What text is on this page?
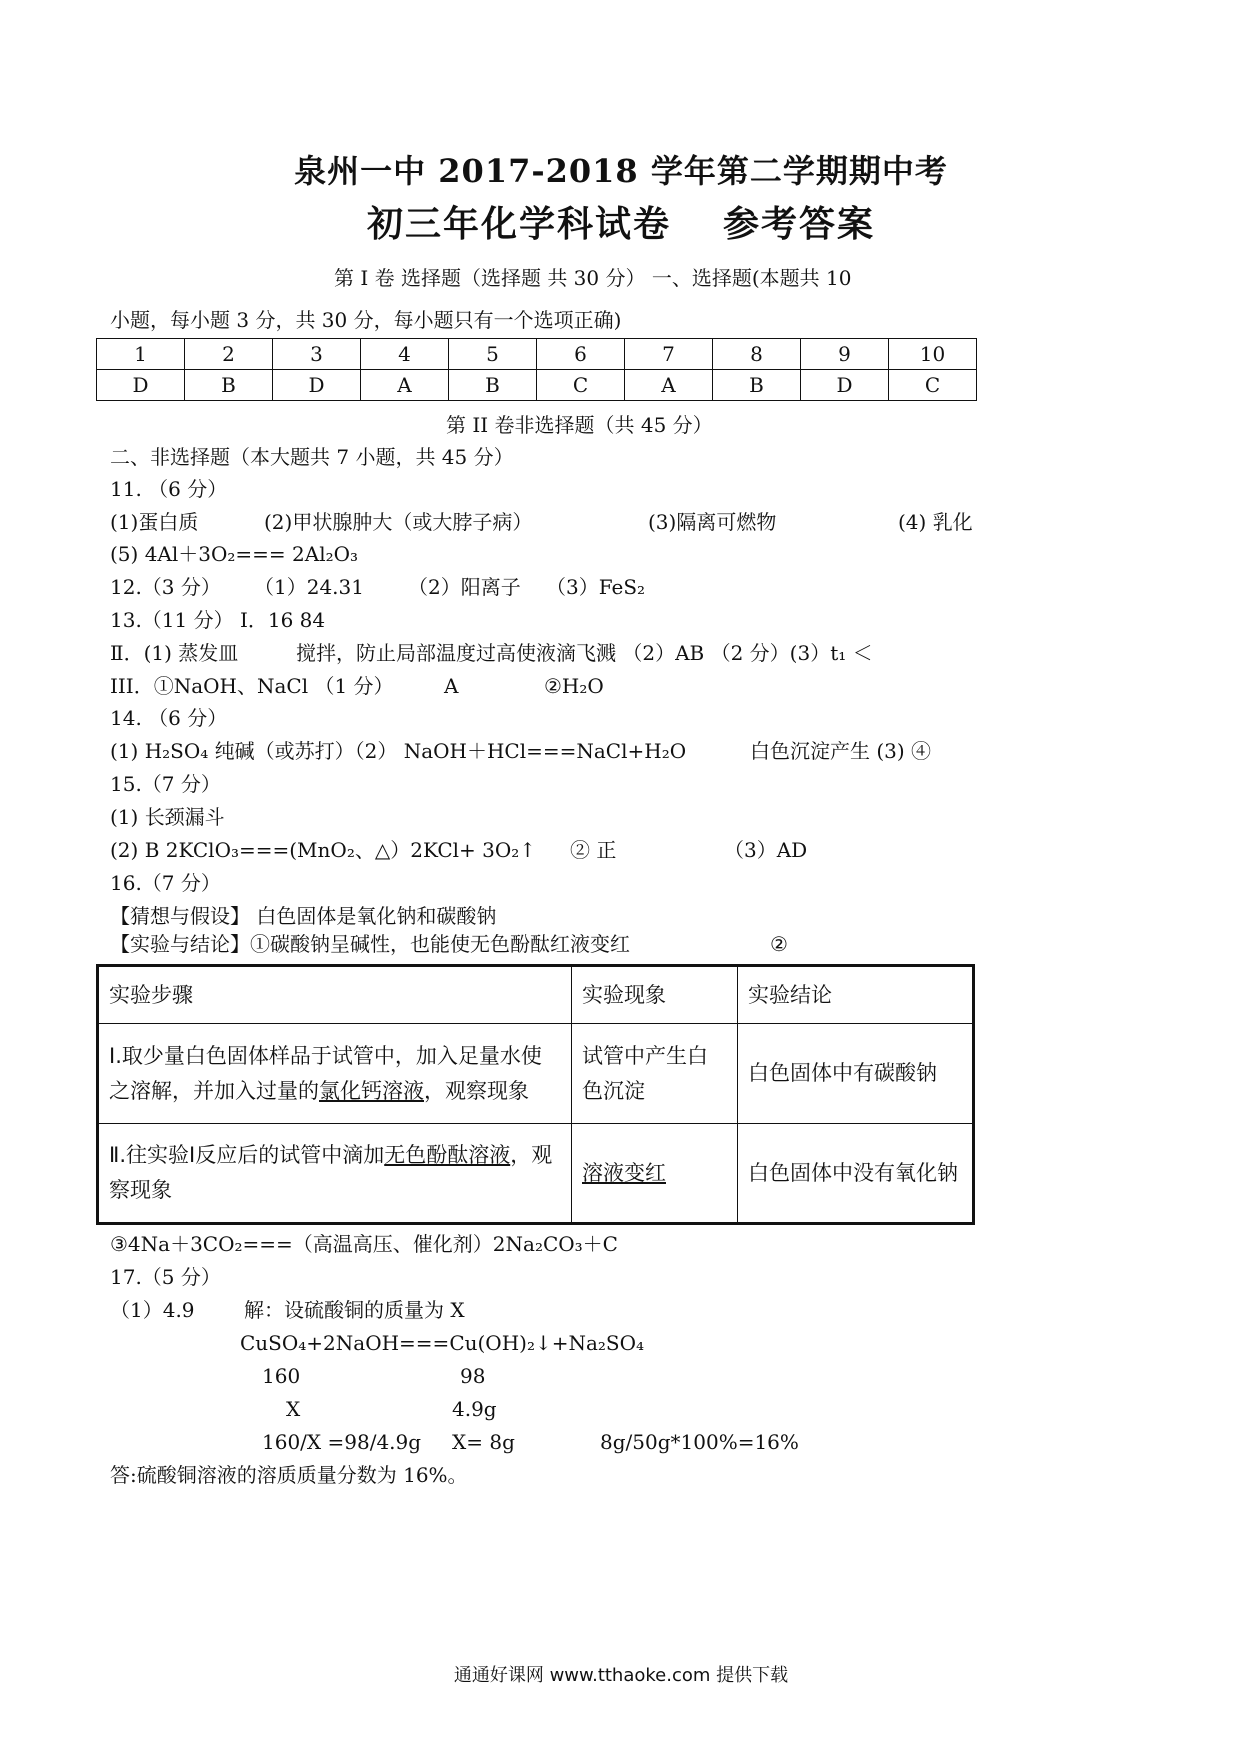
泉州一中 2017-2018 学年第二学期期中考
初三年化学科试卷 参考答案
第 I 卷 选择题（选择题 共 30 分） 一、选择题(本题共 10
小题，每小题 3 分，共 30 分，每小题只有一个选项正确)
1	2	3	4	5	6	7	8	9	10
D	B	D	A	B	C	A	B	D	C
第 II 卷非选择题（共 45 分）
二、非选择题（本大题共 7 小题，共 45 分）
11. （6 分）
(1)蛋白质	(2)甲状腺肿大（或大脖子病）	(3)隔离可燃物	(4) 乳化
(5) 4Al＋3O₂=== 2Al₂O₃
12.（3 分） （1）24.31 （2）阳离子 （3）FeS₂
13.（11 分） Ⅰ．16 84
Ⅱ．(1) 蒸发皿	搅拌，防止局部温度过高使液滴飞溅 （2）AB （2 分）(3）t₁ ＜
III．①NaOH、NaCl （1 分）	A	②H₂O
14. （6 分）
(1) H₂SO₄ 纯碱（或苏打）（2） NaOH＋HCl===NaCl+H₂O	白色沉淀产生 (3) ④
15.（7 分）
(1) 长颈漏斗
(2) B 2KClO₃===(MnO₂、△）2KCl+ 3O₂↑ ② 正	（3）AD
16.（7 分）
【猜想与假设】 白色固体是氧化钠和碳酸钠
【实验与结论】①碳酸钠呈碱性，也能使无色酚酞红液变红	②
实验步骤	实验现象	实验结论
Ⅰ.取少量白色固体样品于试管中，加入足量水使之溶解，并加入过量的氯化钙溶液，观察现象	试管中产生白色沉淀	白色固体中有碳酸钠
Ⅱ.往实验Ⅰ反应后的试管中滴加无色酚酞溶液，观察现象	溶液变红	白色固体中没有氧化钠
③4Na＋3CO₂===（高温高压、催化剂）2Na₂CO₃＋C
17.（5 分）
（1）4.9 解：设硫酸铜的质量为 X
CuSO₄+2NaOH===Cu(OH)₂↓+Na₂SO₄
160	98
X	4.9g
160/X =98/4.9g X= 8g	8g/50g*100%=16%
答:硫酸铜溶液的溶质质量分数为 16%。
通通好课网 www.tthaoke.com 提供下载
